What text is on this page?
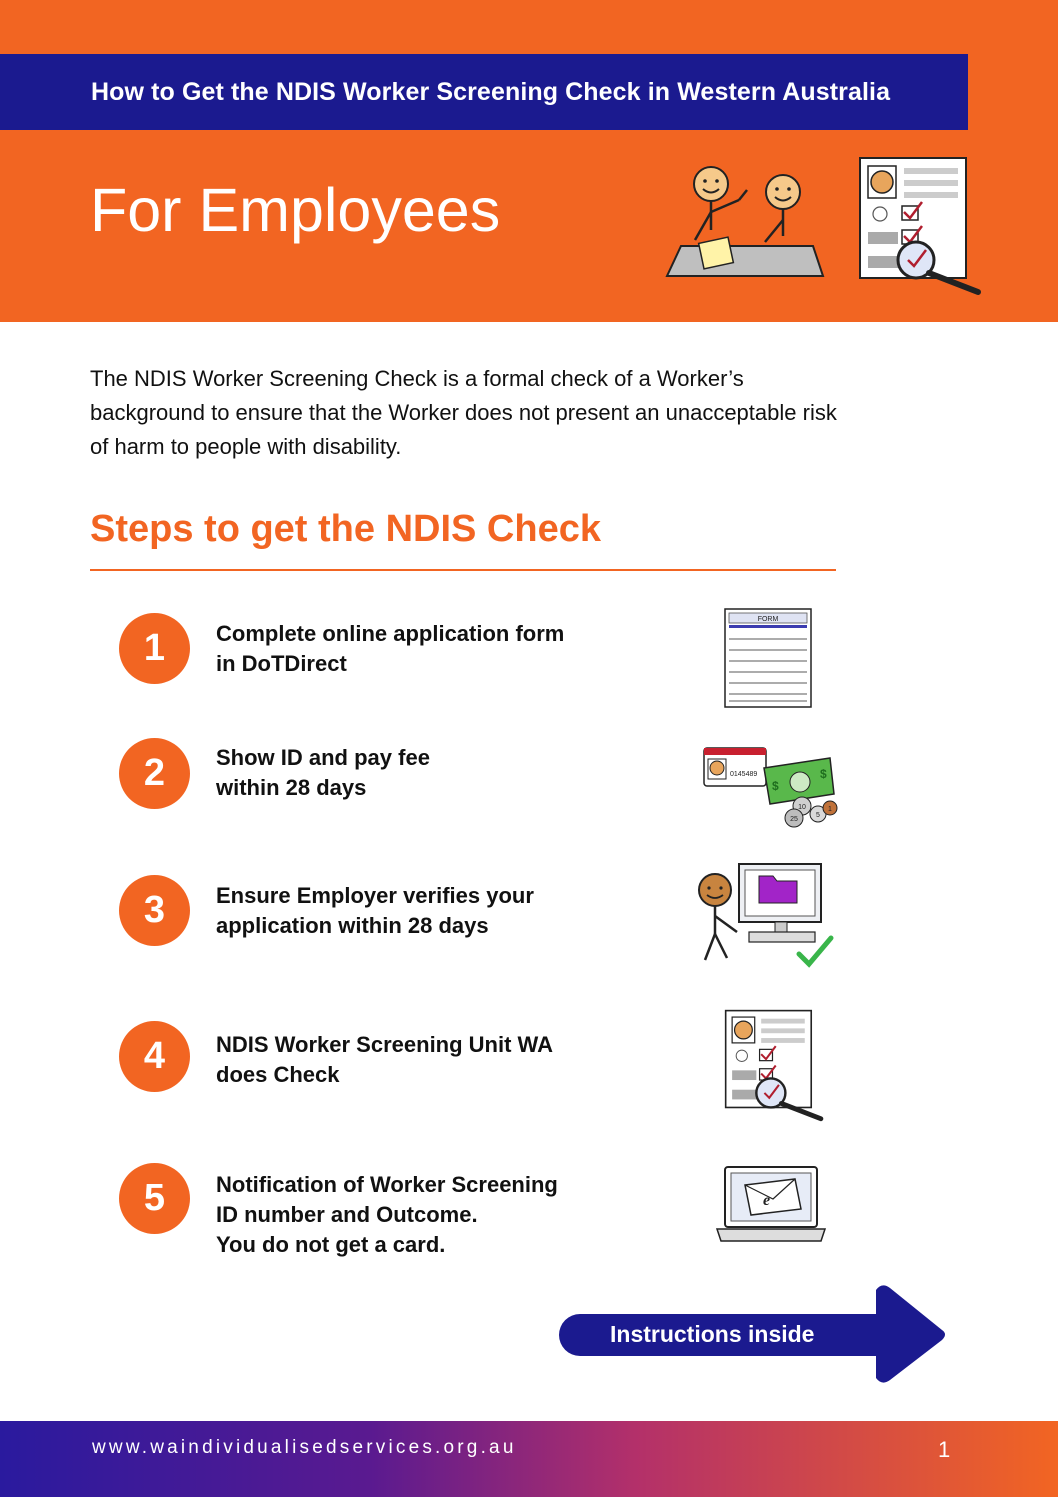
How to Get the NDIS Worker Screening Check in Western Australia
For Employees
The NDIS Worker Screening Check is a formal check of a Worker’s background to ensure that the Worker does not present an unacceptable risk of harm to people with disability.
Steps to get the NDIS Check
1	Complete online application form
in DoTDirect
FORM
2	Show ID and pay fee
within 28 days
0145489
$
$
10
25
5
1
3	Ensure Employer verifies your
application within 28 days
4	NDIS Worker Screening Unit WA
does Check
5	Notification of Worker Screening
ID number and Outcome.
You do not get a card.
e
Instructions inside
www.waindividualisedservices.org.au	1
